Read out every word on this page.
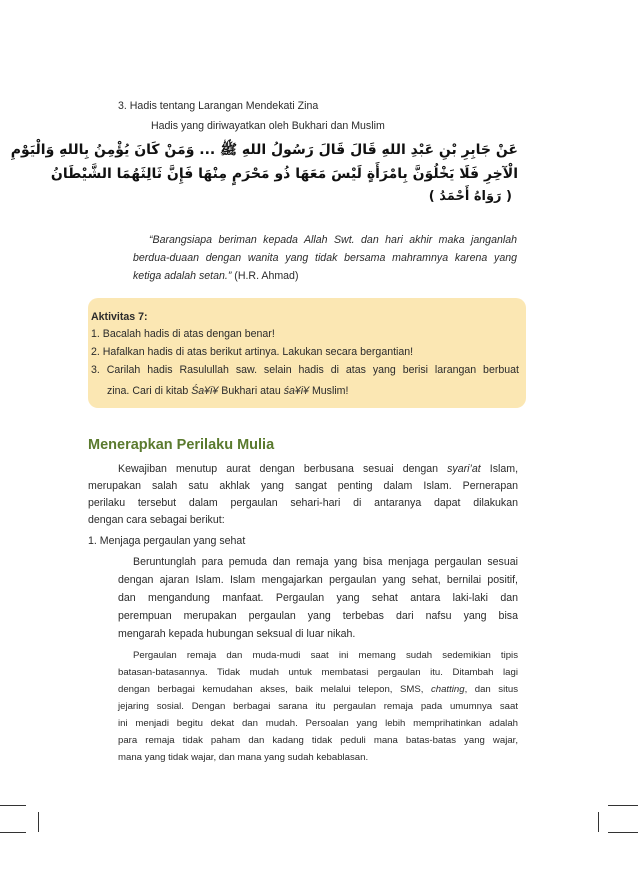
3. Hadis tentang Larangan Mendekati Zina
Hadis yang diriwayatkan oleh Bukhari dan Muslim
عَنْ جَابِرِ بْنِ عَبْدِ اللهِ قَالَ قَالَ رَسُولُ اللهِ ﷺ ... وَمَنْ كَانَ يُؤْمِنُ بِاللهِ وَالْيَوْمِ
الْآخِرِ فَلَا يَخْلُوَنَّ بِامْرَأَةٍ لَيْسَ مَعَهَا ذُو مَحْرَمٍ مِنْهَا فَإِنَّ ثَالِثَهُمَا الشَّيْطَانُ
( رَوَاهُ أَحْمَدُ )
“Barangsiapa beriman kepada Allah Swt. dan hari akhir maka janganlah
berdua-duaan dengan wanita yang tidak bersama mahramnya karena yang
ketiga adalah setan.” (H.R. Ahmad)
Aktivitas 7:
1. Bacalah hadis di atas dengan benar!
2. Hafalkan hadis di atas berikut artinya. Lakukan secara bergantian!
3. Carilah hadis Rasulullah saw. selain hadis di atas yang berisi larangan berbuat
zina. Cari di kitab Śa¥i¥ Bukhari atau śa¥i¥ Muslim!
Menerapkan Perilaku Mulia
Kewajiban menutup aurat dengan berbusana sesuai dengan syari’at Islam,
merupakan salah satu akhlak yang sangat penting dalam Islam. Pernerapan
perilaku tersebut dalam pergaulan sehari-hari di antaranya dapat dilakukan
dengan cara sebagai berikut:
1. Menjaga pergaulan yang sehat
Beruntunglah para pemuda dan remaja yang bisa menjaga pergaulan sesuai
dengan ajaran Islam. Islam mengajarkan pergaulan yang sehat, bernilai positif,
dan mengandung manfaat. Pergaulan yang sehat antara laki-laki dan
perempuan merupakan pergaulan yang terbebas dari nafsu yang bisa
mengarah kepada hubungan seksual di luar nikah.
Pergaulan remaja dan muda-mudi saat ini memang sudah sedemikian tipis
batasan-batasannya. Tidak mudah untuk membatasi pergaulan itu. Ditambah lagi
dengan berbagai kemudahan akses, baik melalui telepon, SMS, chatting, dan situs
jejaring sosial. Dengan berbagai sarana itu pergaulan remaja pada umumnya saat
ini menjadi begitu dekat dan mudah. Persoalan yang lebih memprihatinkan adalah
para remaja tidak paham dan kadang tidak peduli mana batas-batas yang wajar,
mana yang tidak wajar, dan mana yang sudah kebablasan.
